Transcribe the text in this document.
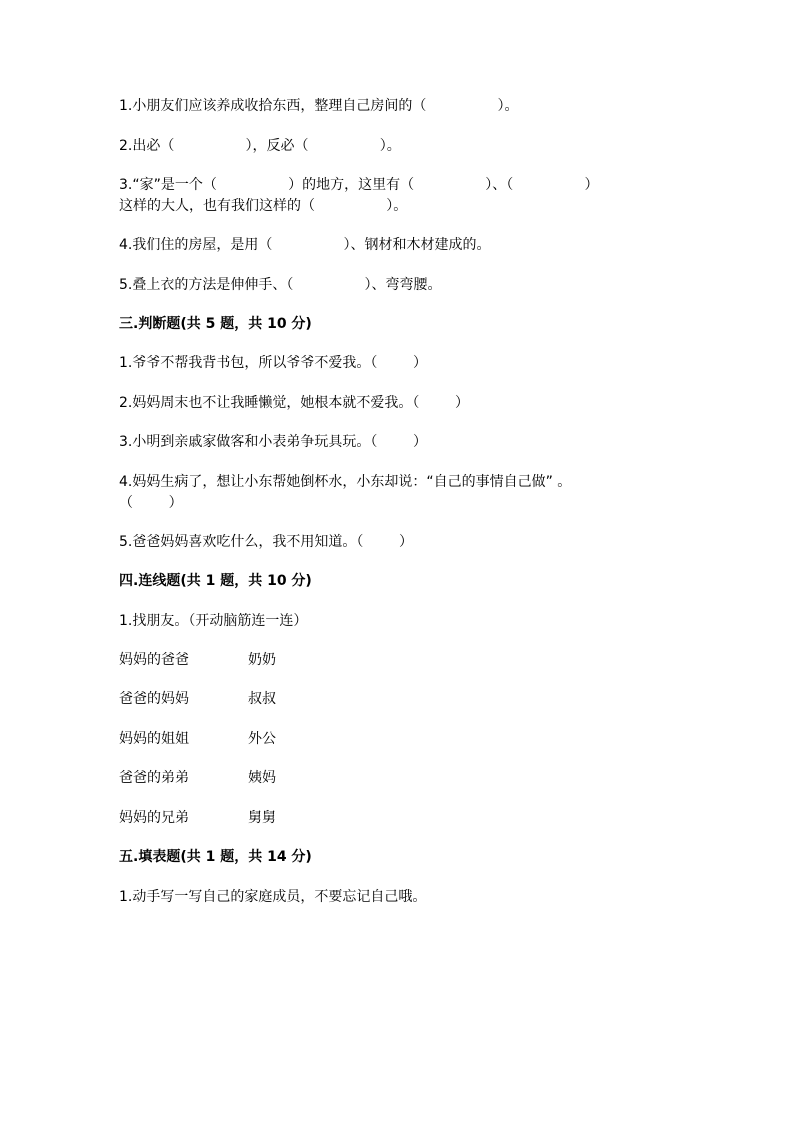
1.小朋友们应该养成收拾东西，整理自己房间的（                ）。
2.出必（                ），反必（                ）。
3.“家”是一个（                ）的地方，这里有（                ）、（                ）
这样的大人，也有我们这样的（                ）。
4.我们住的房屋，是用（                ）、钢材和木材建成的。
5.叠上衣的方法是伸伸手、（                ）、弯弯腰。
三.判断题(共 5 题，共 10 分)
1.爷爷不帮我背书包，所以爷爷不爱我。（        ）
2.妈妈周末也不让我睡懒觉，她根本就不爱我。（        ）
3.小明到亲戚家做客和小表弟争玩具玩。（        ）
4.妈妈生病了，想让小东帮她倒杯水，小东却说：“自己的事情自己做” 。
（        ）
5.爸爸妈妈喜欢吃什么，我不用知道。（        ）
四.连线题(共 1 题，共 10 分)
1.找朋友。（开动脑筋连一连）
妈妈的爸爸	奶奶
爸爸的妈妈	叔叔
妈妈的姐姐	外公
爸爸的弟弟	姨妈
妈妈的兄弟	舅舅
五.填表题(共 1 题，共 14 分)
1.动手写一写自己的家庭成员，不要忘记自己哦。
